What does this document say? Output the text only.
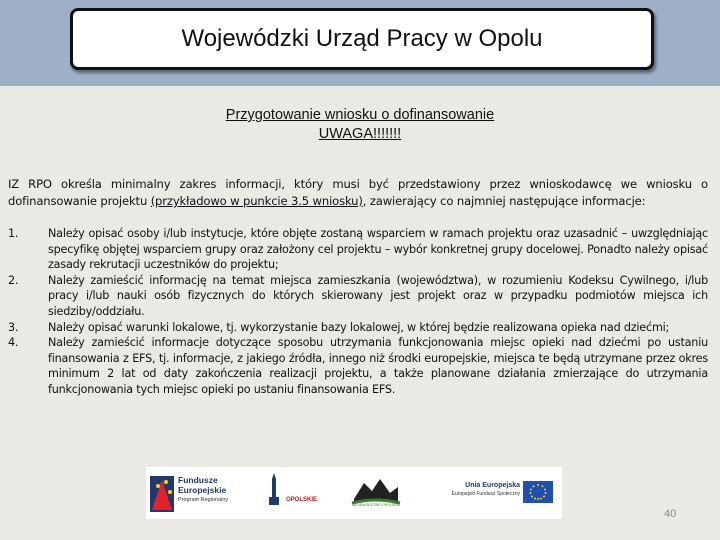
Wojewódzki Urząd Pracy w Opolu
Przygotowanie wniosku o dofinansowanie
UWAGA!!!!!!!
IZ RPO określa minimalny zakres informacji, który musi być przedstawiony przez wnioskodawcę we wniosku o dofinansowanie projektu (przykładowo w punkcie 3.5 wniosku), zawierający co najmniej następujące informacje:
1.	Należy opisać osoby i/lub instytucje, które objęte zostaną wsparciem w ramach projektu oraz uzasadnić – uwzględniając specyfikę objętej wsparciem grupy oraz założony cel projektu – wybór konkretnej grupy docelowej. Ponadto należy opisać zasady rekrutacji uczestników do projektu;
2.	Należy zamieścić informację na temat miejsca zamieszkania (województwa), w rozumieniu Kodeksu Cywilnego, i/lub pracy i/lub nauki osób fizycznych do których skierowany jest projekt oraz w przypadku podmiotów miejsca ich siedziby/oddziału.
3.	Należy opisać warunki lokalowe, tj. wykorzystanie bazy lokalowej, w której będzie realizowana opieka nad dziećmi;
4.	Należy zamieścić informacje dotyczące sposobu utrzymania funkcjonowania miejsc opieki nad dziećmi po ustaniu finansowania z EFS, tj. informacje, z jakiego źródła, innego niż środki europejskie, miejsca te będą utrzymane przez okres minimum 2 lat od daty zakończenia realizacji projektu, a także planowane działania zmierzające do utrzymania funkcjonowania tych miejsc opieki po ustaniu finansowania EFS.
Fundusze
Europejskie
Program Regionalny	OPOLSKIE
WOJEWÓDZTWO OPOLSKIE
Unia Europejska
Europejski Fundusz Społeczny
40
